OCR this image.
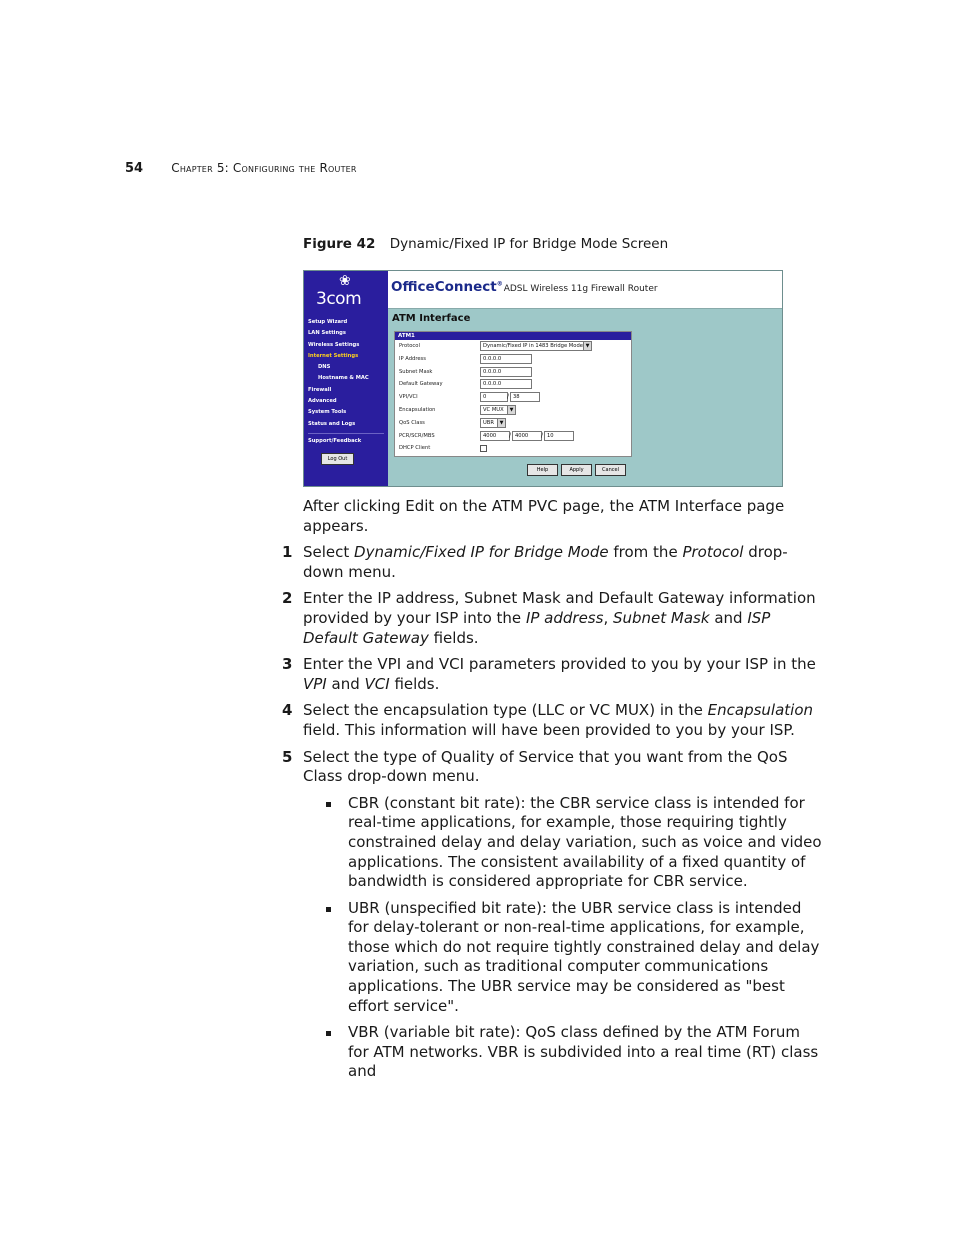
54 Chapter 5: Configuring the Router
Figure 42 Dynamic/Fixed IP for Bridge Mode Screen
❀
3com
Setup Wizard
LAN Settings
Wireless Settings
Internet Settings
DNS
Hostname & MAC
Firewall
Advanced
System Tools
Status and Logs
Support/Feedback
Log Out
OfficeConnect®ADSL Wireless 11g Firewall Router
ATM Interface
ATM1
Protocol	Dynamic/Fixed IP in 1483 Bridge Mode ▼
IP Address	0.0.0.0
Subnet Mask	0.0.0.0
Default Gateway	0.0.0.0
VPI/VCI	0	/ 38
Encapsulation	VC MUX	▼
QoS Class	UBR	▼
PCR/SCR/MBS	4000	/ 4000	/ 10
DHCP Client
Help	Apply	Cancel

After clicking Edit on the ATM PVC page, the ATM Interface page appears.

1 Select Dynamic/Fixed IP for Bridge Mode from the Protocol drop-down menu.
2 Enter the IP address, Subnet Mask and Default Gateway information provided by your ISP into the IP address, Subnet Mask and ISP Default Gateway fields.
3 Enter the VPI and VCI parameters provided to you by your ISP in the VPI and VCI fields.
4 Select the encapsulation type (LLC or VC MUX) in the Encapsulation field. This information will have been provided to you by your ISP.
5 Select the type of Quality of Service that you want from the QoS Class drop-down menu.
CBR (constant bit rate): the CBR service class is intended for real-time applications, for example, those requiring tightly constrained delay and delay variation, such as voice and video applications. The consistent availability of a fixed quantity of bandwidth is considered appropriate for CBR service.
UBR (unspecified bit rate): the UBR service class is intended for delay-tolerant or non-real-time applications, for example, those which do not require tightly constrained delay and delay variation, such as traditional computer communications applications. The UBR service may be considered as "best effort service".
VBR (variable bit rate): QoS class defined by the ATM Forum for ATM networks. VBR is subdivided into a real time (RT) class and
